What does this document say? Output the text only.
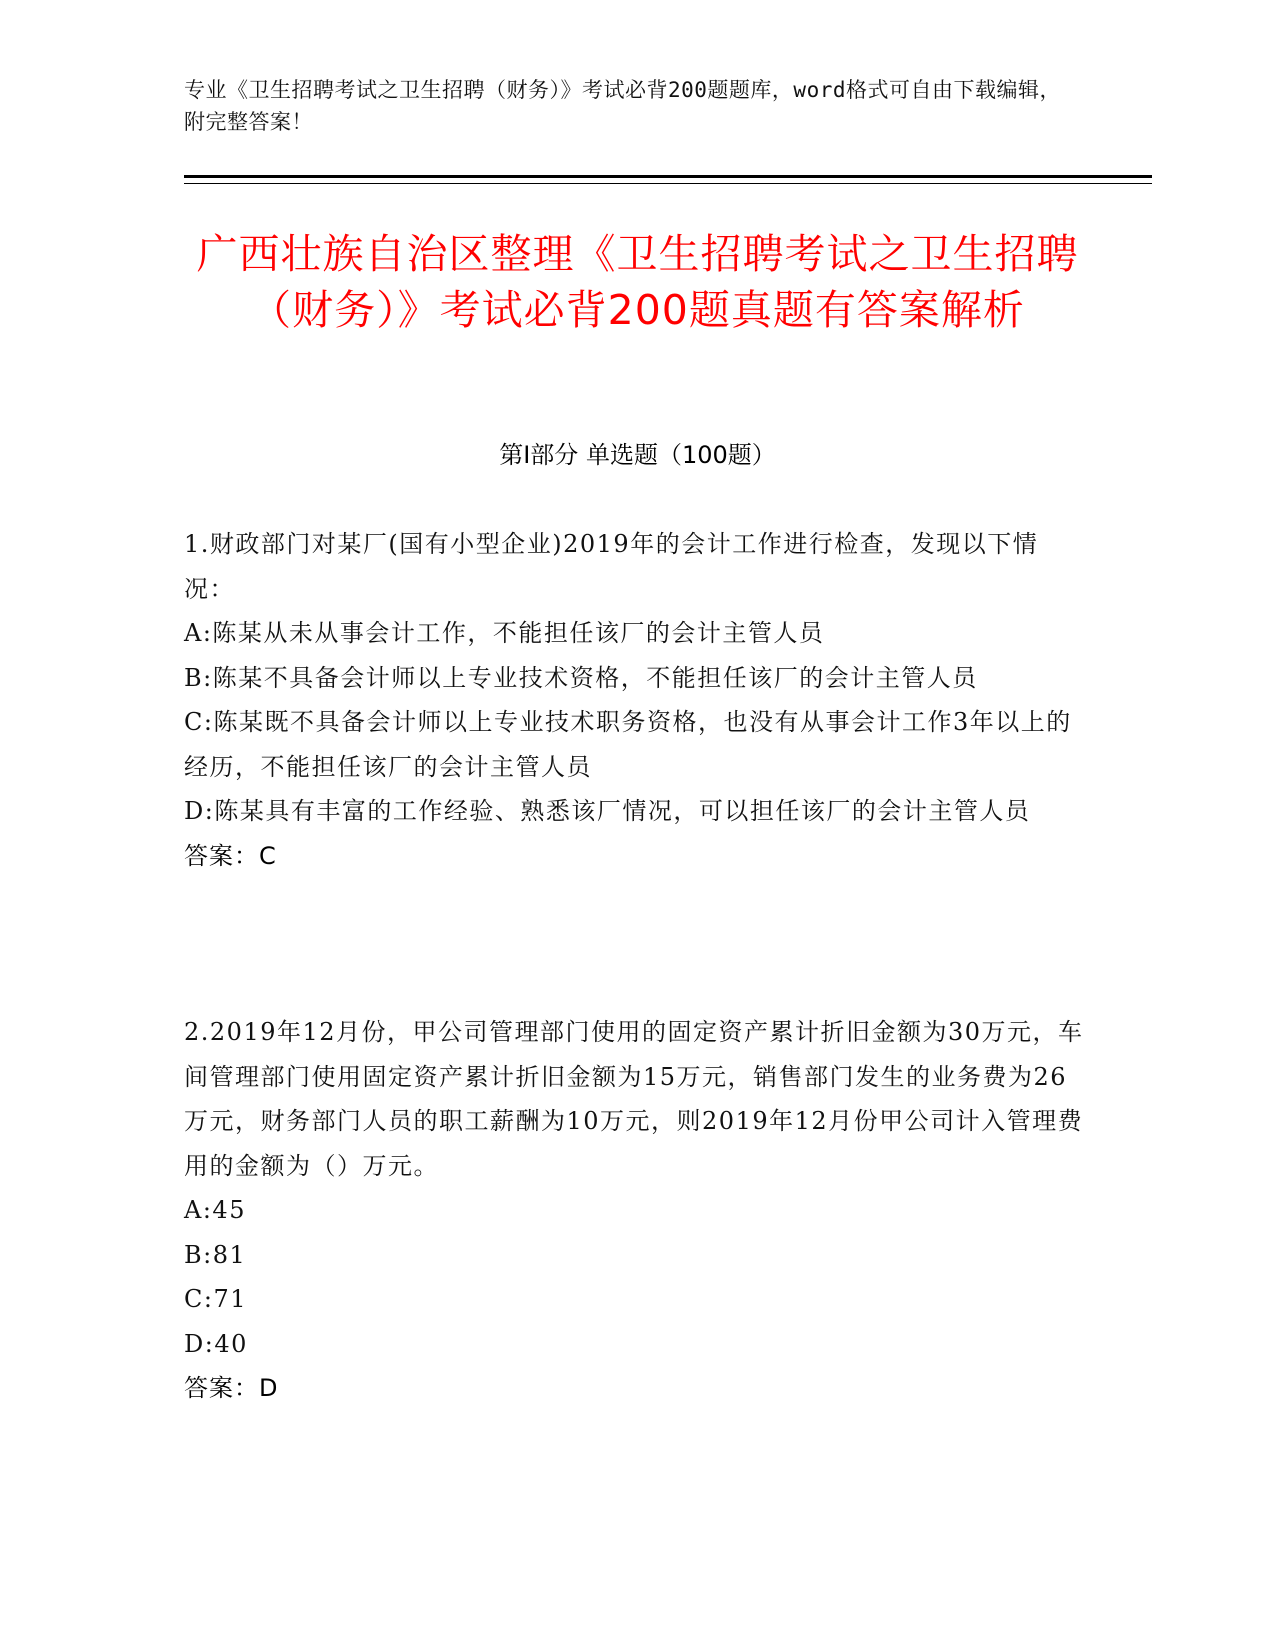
专业《卫生招聘考试之卫生招聘（财务）》考试必背200题题库，word格式可自由下载编辑，附完整答案！
广西壮族自治区整理《卫生招聘考试之卫生招聘（财务）》考试必背200题真题有答案解析
第I部分 单选题（100题）
1.财政部门对某厂(国有小型企业)2019年的会计工作进行检查，发现以下情况：
A:陈某从未从事会计工作，不能担任该厂的会计主管人员
B:陈某不具备会计师以上专业技术资格，不能担任该厂的会计主管人员
C:陈某既不具备会计师以上专业技术职务资格，也没有从事会计工作3年以上的经历，不能担任该厂的会计主管人员
D:陈某具有丰富的工作经验、熟悉该厂情况，可以担任该厂的会计主管人员
答案：C
2.2019年12月份，甲公司管理部门使用的固定资产累计折旧金额为30万元，车间管理部门使用固定资产累计折旧金额为15万元，销售部门发生的业务费为26万元，财务部门人员的职工薪酬为10万元，则2019年12月份甲公司计入管理费用的金额为（）万元。
A:45
B:81
C:71
D:40
答案：D
